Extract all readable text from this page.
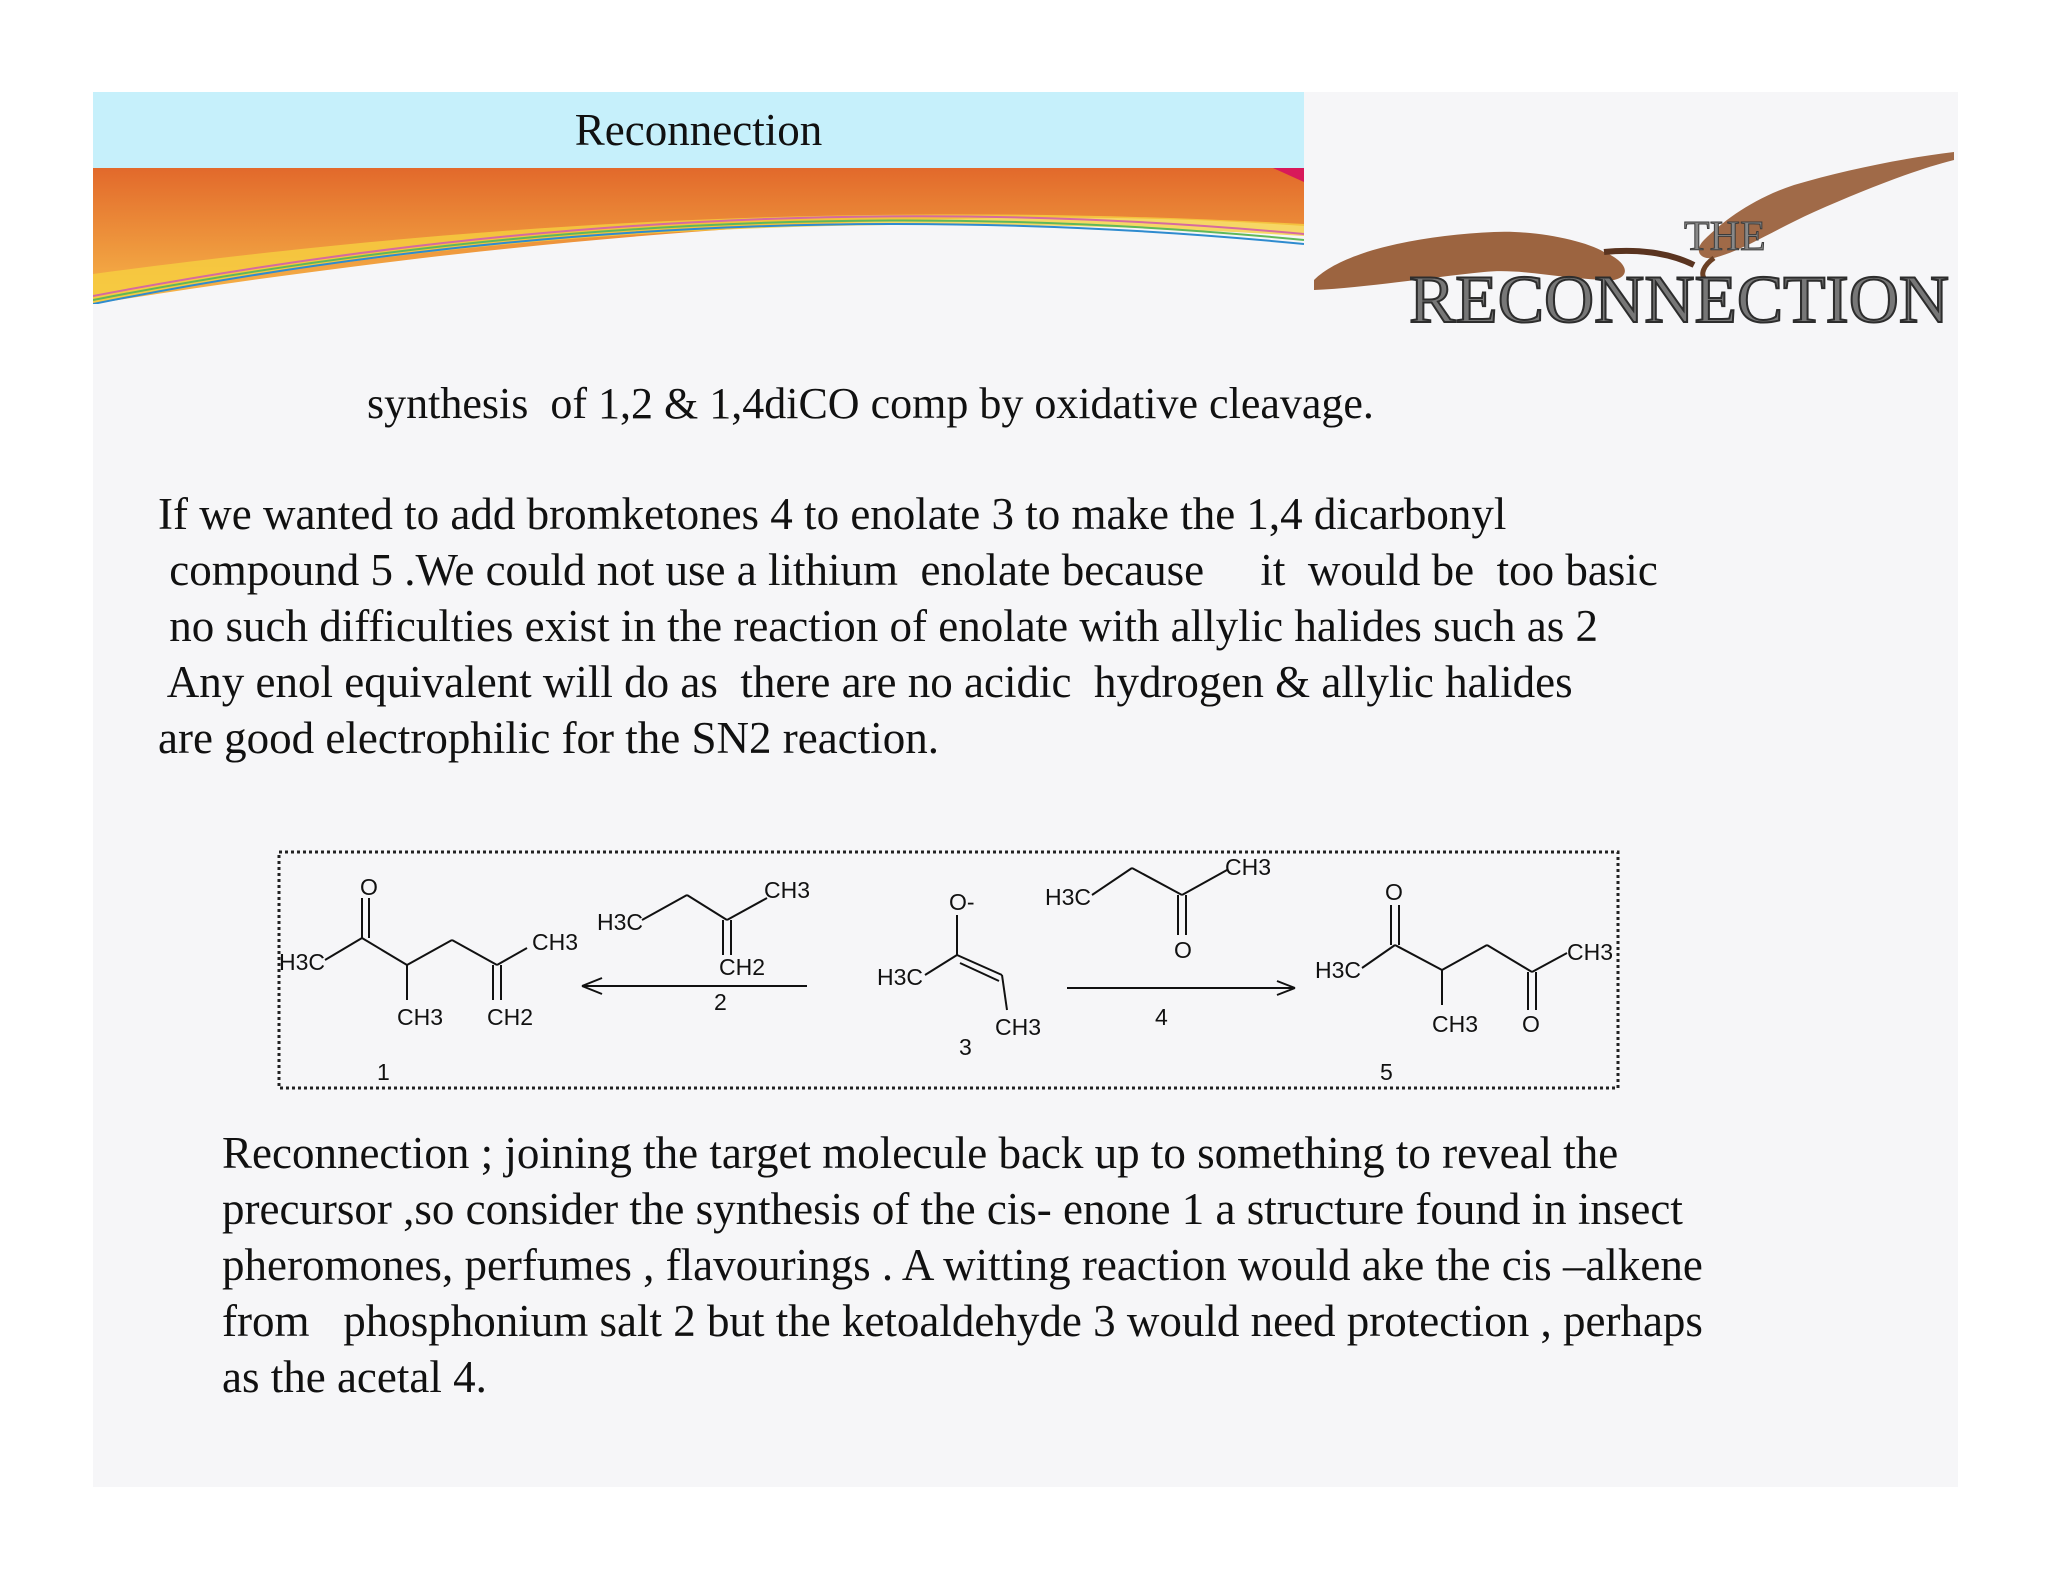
Reconnection
THE
RECONNECTION
synthesis  of 1,2 & 1,4diCO comp by oxidative cleavage.
If we wanted to add bromketones 4 to enolate 3 to make the 1,4 dicarbonyl
compound 5 .We could not use a lithium  enolate because     it  would be  too basic
no such difficulties exist in the reaction of enolate with allylic halides such as 2
Any enol equivalent will do as  there are no acidic  hydrogen & allylic halides
are good electrophilic for the SN2 reaction.
O
H3C
CH3
CH3 CH2
1
H3C
CH3
CH2
2
O-
H3C
CH3
3
H3C
CH3
O
4
H3C
O
CH3
CH3 O
5
Reconnection ; joining the target molecule back up to something to reveal the
precursor ,so consider the synthesis of the cis- enone 1 a structure found in insect
pheromones, perfumes , flavourings . A witting reaction would ake the cis –alkene
from   phosphonium salt 2 but the ketoaldehyde 3 would need protection , perhaps
as the acetal 4.
